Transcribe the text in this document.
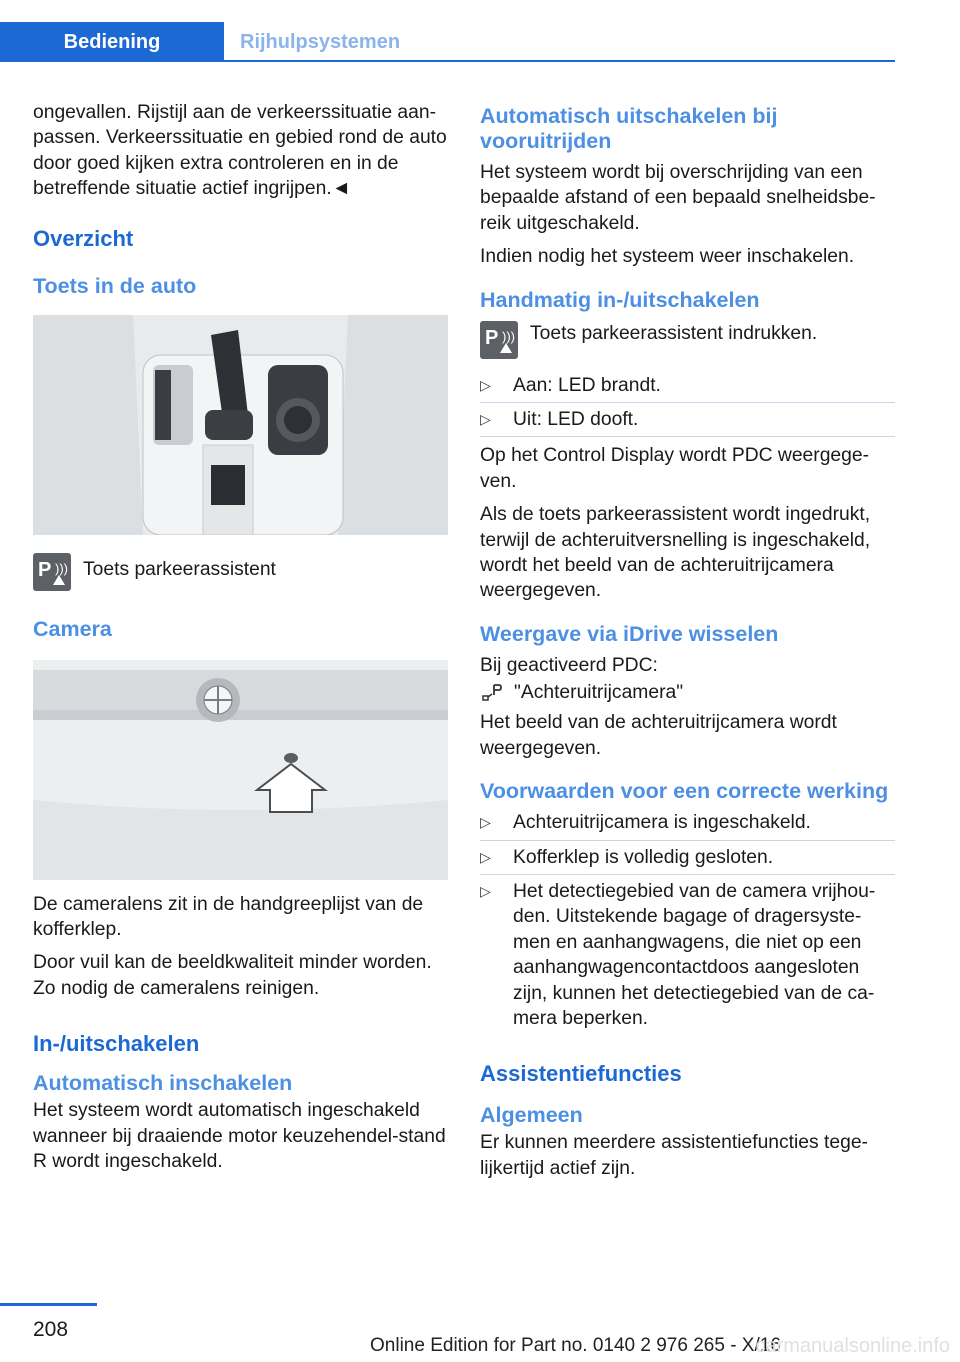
Bediening	Rijhulpsystemen

ongevallen. Rijstijl aan de verkeerssituatie aan-passen. Verkeerssituatie en gebied rond de auto door goed kijken extra controleren en in de betreffende situatie actief ingrijpen.◄

Overzicht
Toets in de auto
P ))) Toets parkeerassistent
Camera

De cameralens zit in de handgreeplijst van de kofferklep.

Door vuil kan de beeldkwaliteit minder worden. Zo nodig de cameralens reinigen.

In-/uitschakelen
Automatisch inschakelen

Het systeem wordt automatisch ingeschakeld wanneer bij draaiende motor keuzehendel-stand R wordt ingeschakeld.

Automatisch uitschakelen bij vooruitrijden

Het systeem wordt bij overschrijding van een bepaalde afstand of een bepaald snelheidsbe-reik uitgeschakeld.

Indien nodig het systeem weer inschakelen.

Handmatig in-/uitschakelen
P ))) Toets parkeerassistent indrukken.
▷ Aan: LED brandt.
▷ Uit: LED dooft.

Op het Control Display wordt PDC weergege-ven.

Als de toets parkeerassistent wordt ingedrukt, terwijl de achteruitversnelling is ingeschakeld, wordt het beeld van de achteruitrijcamera weergegeven.

Weergave via iDrive wisselen

Bij geactiveerd PDC:

"Achteruitrijcamera"

Het beeld van de achteruitrijcamera wordt weergegeven.

Voorwaarden voor een correcte werking
▷ Achteruitrijcamera is ingeschakeld.
▷ Kofferklep is volledig gesloten.
▷ Het detectiegebied van de camera vrijhou-den. Uitstekende bagage of dragersyste-men en aanhangwagens, die niet op een aanhangwagencontactdoos aangesloten zijn, kunnen het detectiegebied van de ca-mera beperken.
Assistentiefuncties
Algemeen

Er kunnen meerdere assistentiefuncties tege-lijkertijd actief zijn.

208
Online Edition for Part no. 0140 2 976 265 - X/16
carmanualsonline.info
